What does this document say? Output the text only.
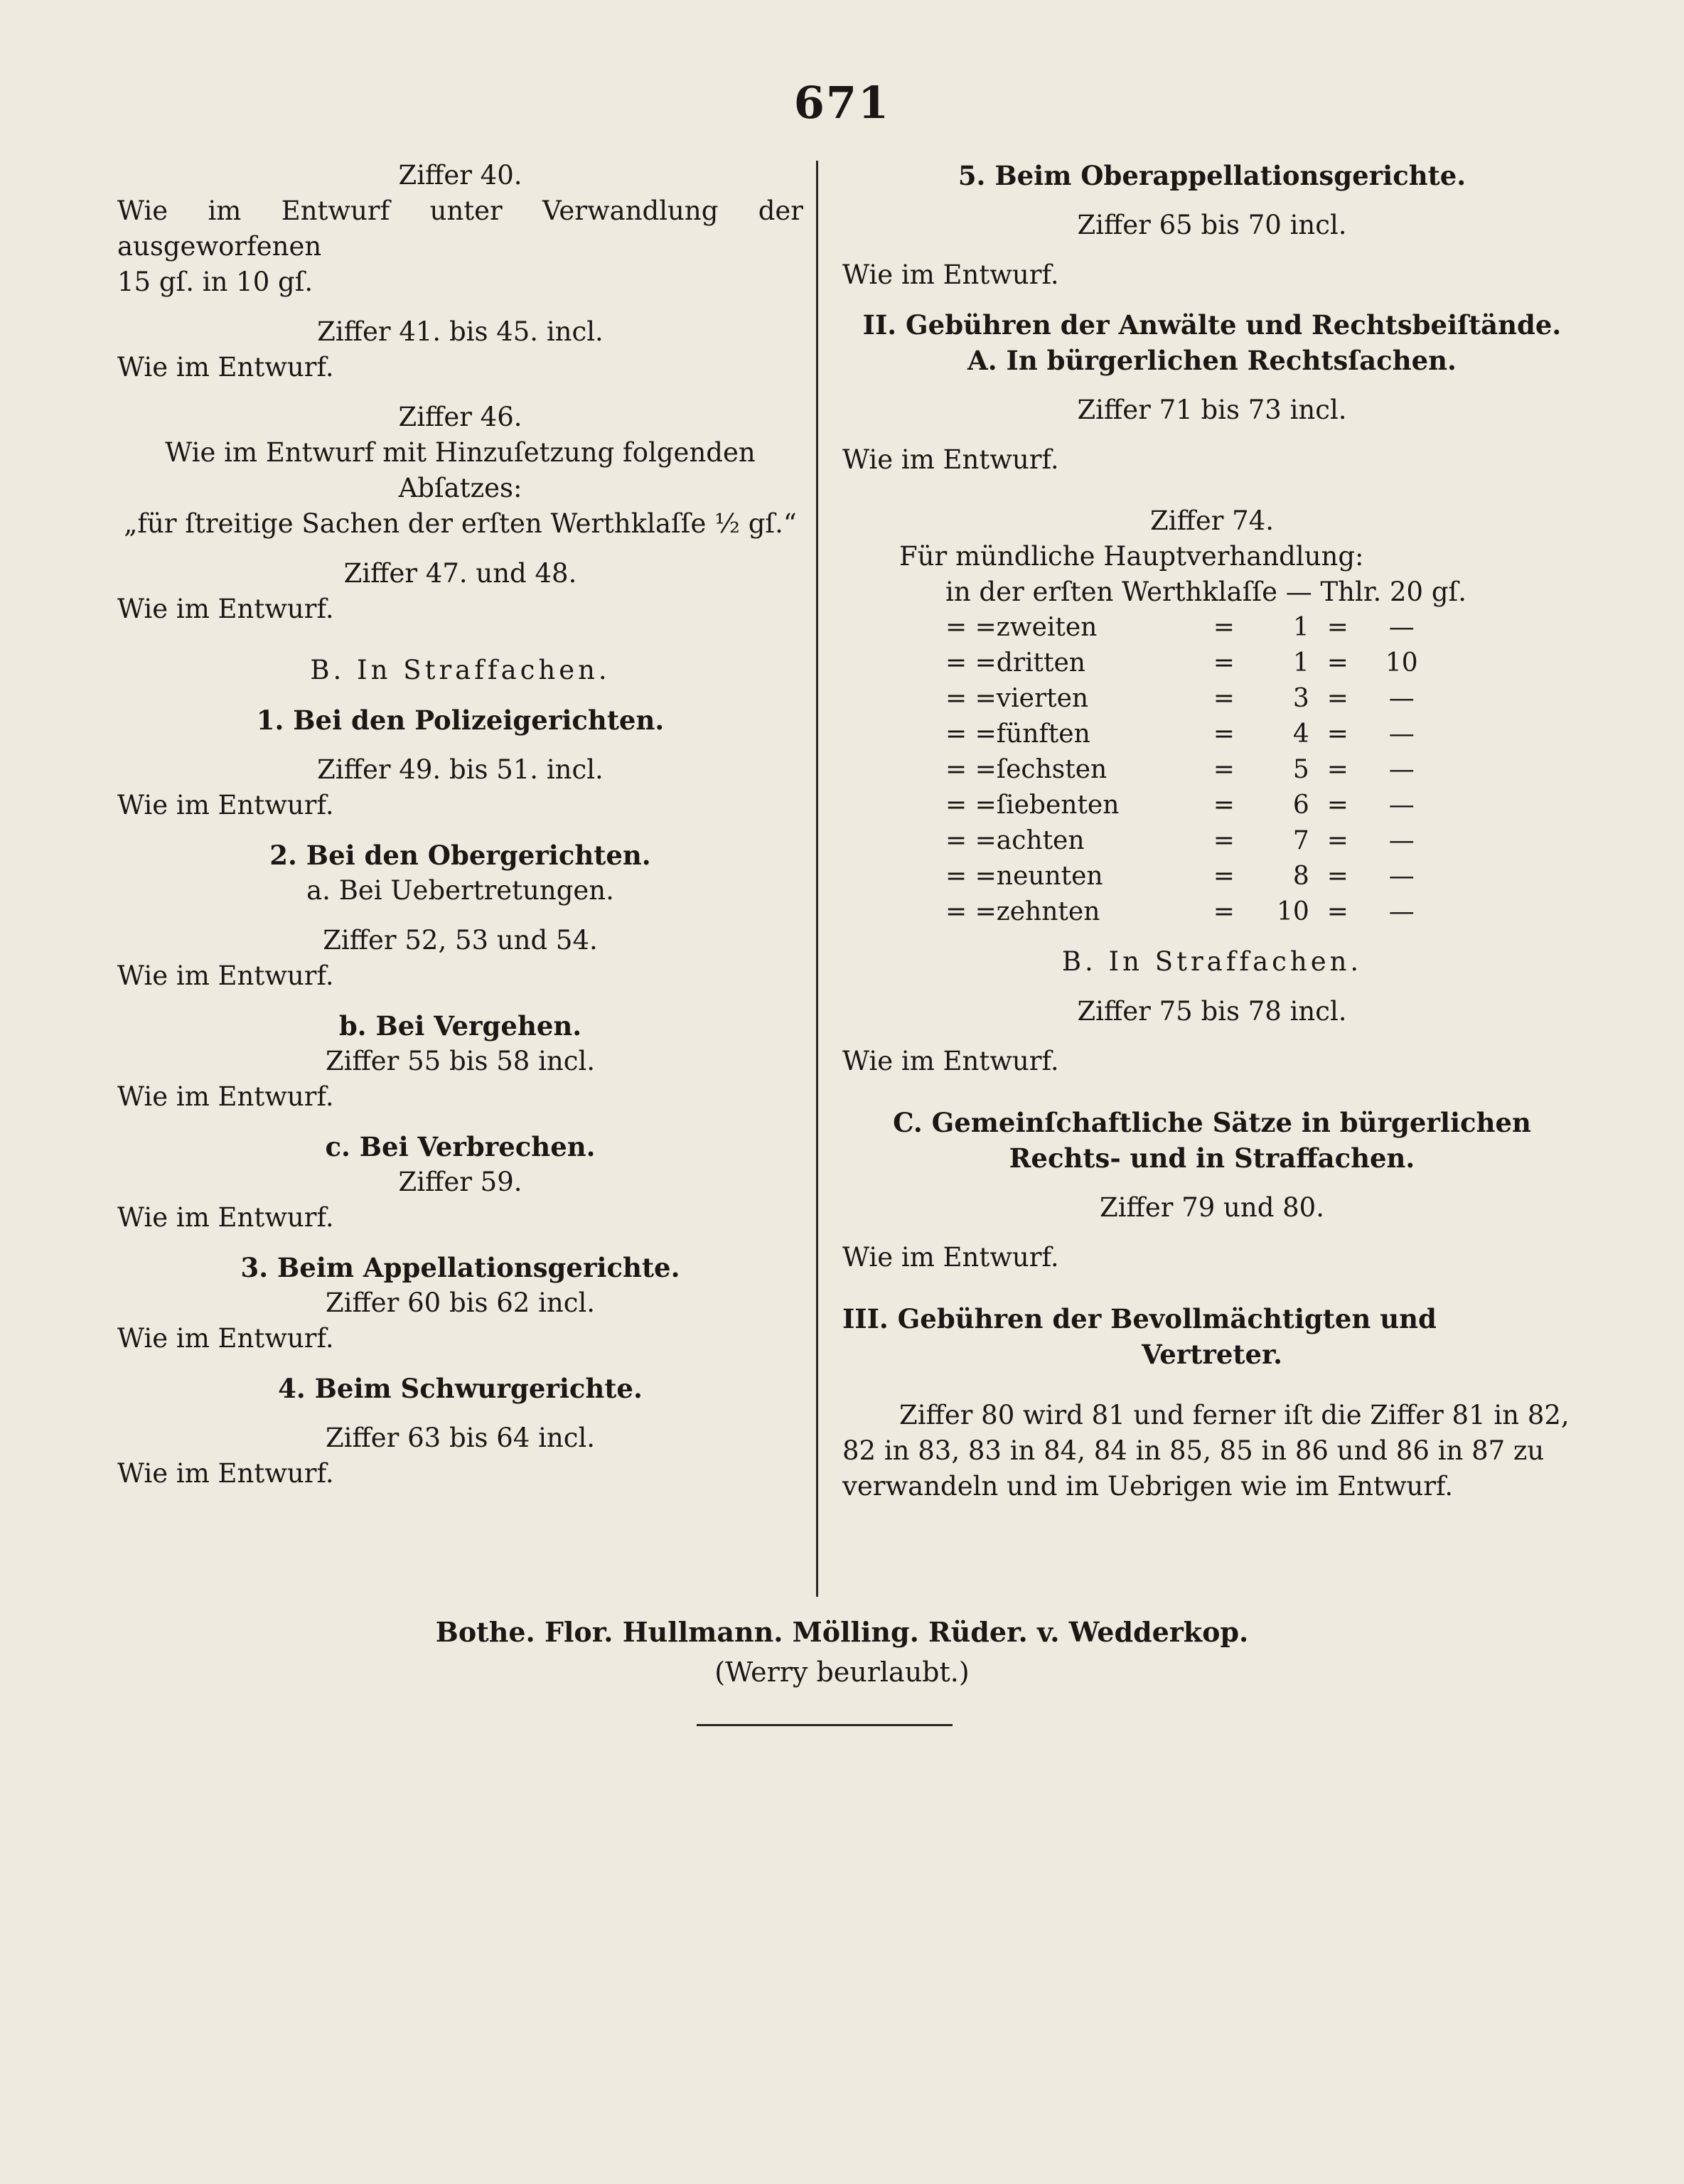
671
Ziffer 40.
Wie im Entwurf unter Verwandlung der ausgeworfenen
15 gſ. in 10 gſ.
Ziffer 41. bis 45. incl.
Wie im Entwurf.
Ziffer 46.
Wie im Entwurf mit Hinzuſetzung folgenden Abſatzes:
„für ſtreitige Sachen der erſten Werthklaſſe ½ gſ.“
Ziffer 47. und 48.
Wie im Entwurf.
B. In Straffachen.
1. Bei den Polizeigerichten.
Ziffer 49. bis 51. incl.
Wie im Entwurf.
2. Bei den Obergerichten.
a. Bei Uebertretungen.
Ziffer 52, 53 und 54.
Wie im Entwurf.
b. Bei Vergehen.
Ziffer 55 bis 58 incl.
Wie im Entwurf.
c. Bei Verbrechen.
Ziffer 59.
Wie im Entwurf.
3. Beim Appellationsgerichte.
Ziffer 60 bis 62 incl.
Wie im Entwurf.
4. Beim Schwurgerichte.
Ziffer 63 bis 64 incl.
Wie im Entwurf.
5. Beim Oberappellationsgerichte.
Ziffer 65 bis 70 incl.
Wie im Entwurf.
II. Gebühren der Anwälte und Rechtsbeiſtände.
A. In bürgerlichen Rechtsſachen.
Ziffer 71 bis 73 incl.
Wie im Entwurf.
Ziffer 74.
Für mündliche Hauptverhandlung:
in der erſten Werthklaſſe — Thlr. 20 gſ.
= =	zweiten	=	1	=	—
= =	dritten	=	1	=	10
= =	vierten	=	3	=	—
= =	fünften	=	4	=	—
= =	ſechsten	=	5	=	—
= =	ſiebenten	=	6	=	—
= =	achten	=	7	=	—
= =	neunten	=	8	=	—
= =	zehnten	=	10	=	—
B. In Straffachen.
Ziffer 75 bis 78 incl.
Wie im Entwurf.
C. Gemeinſchaftliche Sätze in bürgerlichen
Rechts- und in Straffachen.
Ziffer 79 und 80.
Wie im Entwurf.
III. Gebühren der Bevollmächtigten und
Vertreter.
Ziffer 80 wird 81 und ferner iſt die Ziffer 81 in 82,
82 in 83, 83 in 84, 84 in 85, 85 in 86 und 86 in 87 zu
verwandeln und im Uebrigen wie im Entwurf.
Bothe. Flor. Hullmann. Mölling. Rüder. v. Wedderkop.
(Werry beurlaubt.)
